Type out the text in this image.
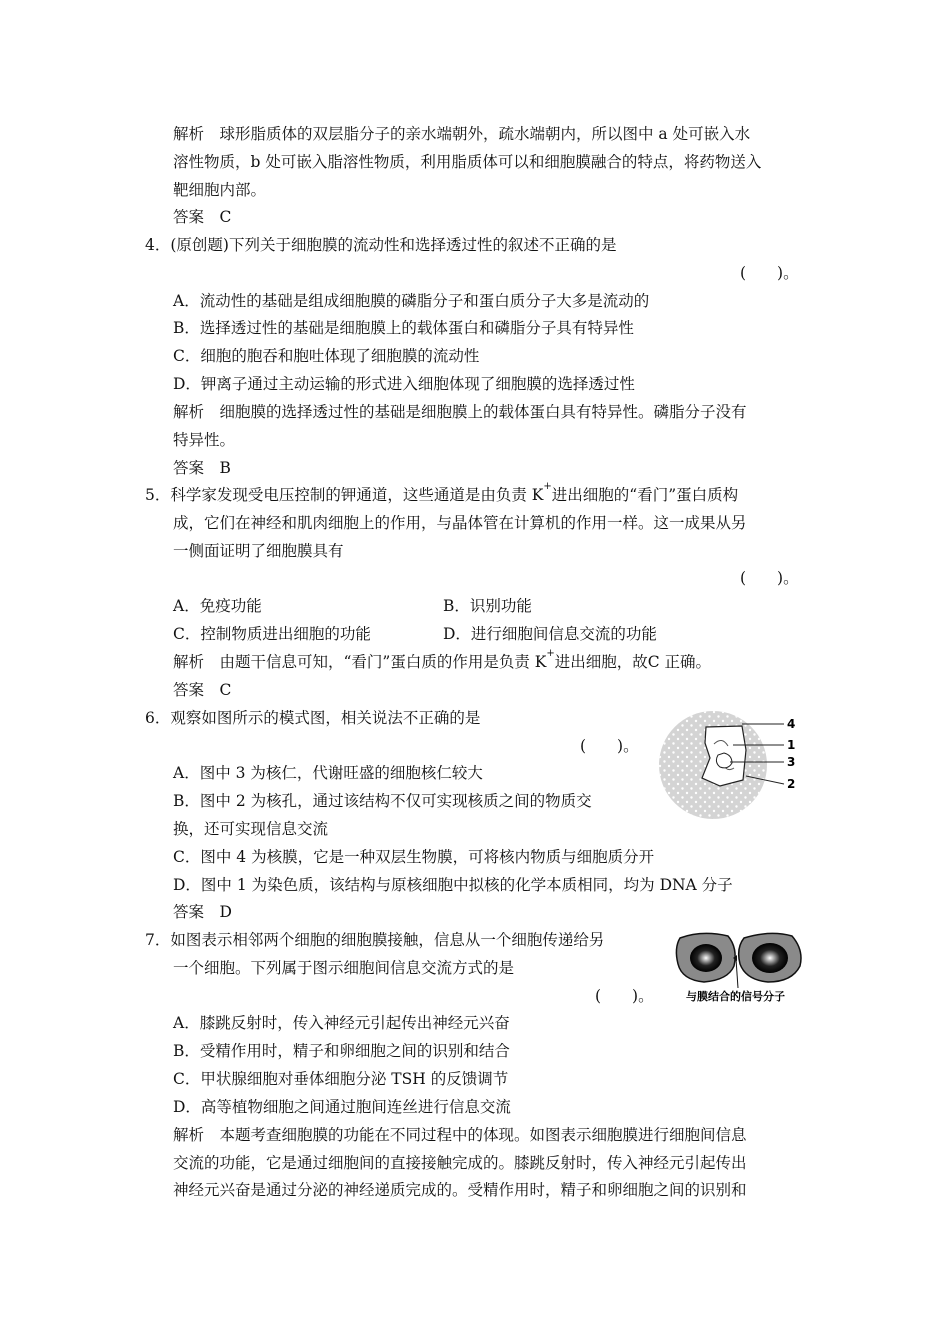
解析　球形脂质体的双层脂分子的亲水端朝外，疏水端朝内，所以图中 a 处可嵌入水
溶性物质，b 处可嵌入脂溶性物质，利用脂质体可以和细胞膜融合的特点，将药物送入
靶细胞内部。
答案　C
4．(原创题)下列关于细胞膜的流动性和选择透过性的叙述不正确的是
(　　)。
A．流动性的基础是组成细胞膜的磷脂分子和蛋白质分子大多是流动的
B．选择透过性的基础是细胞膜上的载体蛋白和磷脂分子具有特异性
C．细胞的胞吞和胞吐体现了细胞膜的流动性
D．钾离子通过主动运输的形式进入细胞体现了细胞膜的选择透过性
解析　细胞膜的选择透过性的基础是细胞膜上的载体蛋白具有特异性。磷脂分子没有
特异性。
答案　B
5．科学家发现受电压控制的钾通道，这些通道是由负责 K+进出细胞的“看门”蛋白质构
成，它们在神经和肌肉细胞上的作用，与晶体管在计算机的作用一样。这一成果从另
一侧面证明了细胞膜具有
(　　)。
A．免疫功能	B．识别功能
C．控制物质进出细胞的功能	D．进行细胞间信息交流的功能
解析　由题干信息可知，“看门”蛋白质的作用是负责 K+进出细胞，故C 正确。
答案　C
6．观察如图所示的模式图，相关说法不正确的是
(　　)。
A．图中 3 为核仁，代谢旺盛的细胞核仁较大
B．图中 2 为核孔，通过该结构不仅可实现核质之间的物质交
换，还可实现信息交流
C．图中 4 为核膜，它是一种双层生物膜，可将核内物质与细胞质分开
D．图中 1 为染色质，该结构与原核细胞中拟核的化学本质相同，均为 DNA 分子
答案　D
4
1
3
2
7．如图表示相邻两个细胞的细胞膜接触，信息从一个细胞传递给另
一个细胞。下列属于图示细胞间信息交流方式的是
(　　)。
A．膝跳反射时，传入神经元引起传出神经元兴奋
B．受精作用时，精子和卵细胞之间的识别和结合
C．甲状腺细胞对垂体细胞分泌 TSH 的反馈调节
D．高等植物细胞之间通过胞间连丝进行信息交流
解析　本题考查细胞膜的功能在不同过程中的体现。如图表示细胞膜进行细胞间信息
交流的功能，它是通过细胞间的直接接触完成的。膝跳反射时，传入神经元引起传出
神经元兴奋是通过分泌的神经递质完成的。受精作用时，精子和卵细胞之间的识别和
与膜结合的信号分子
